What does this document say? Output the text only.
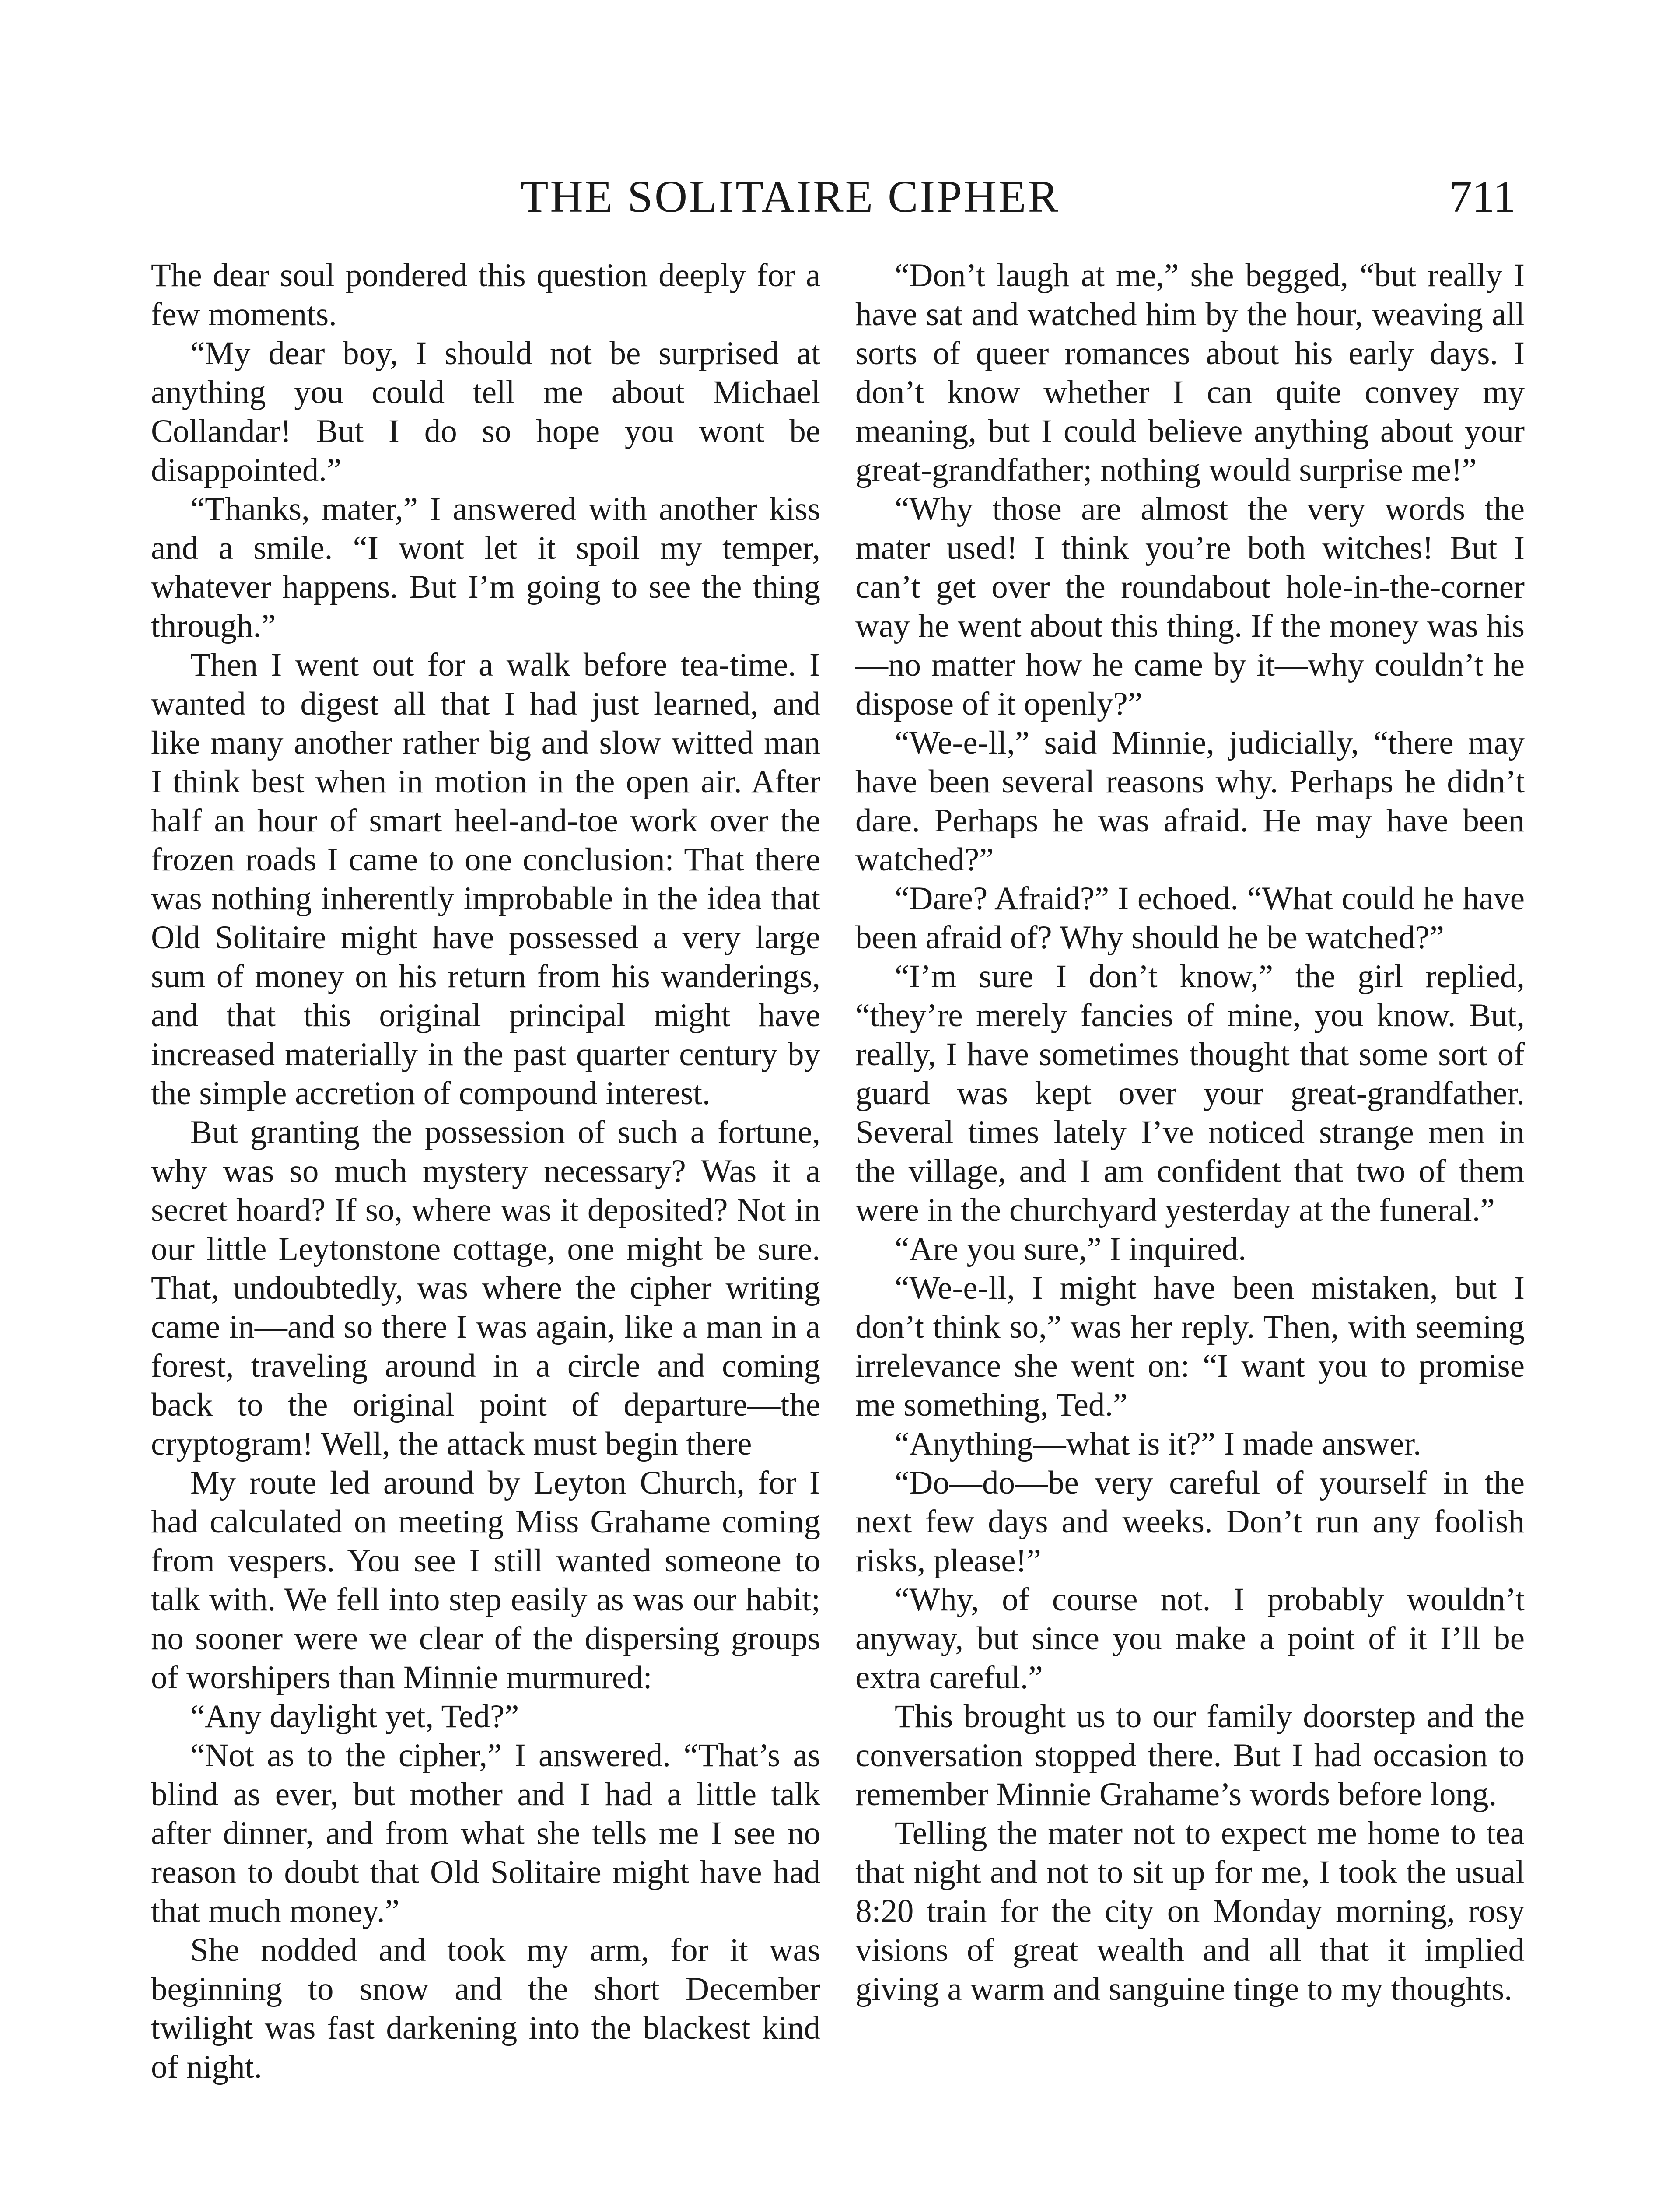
THE SOLITAIRE CIPHER	711

The dear soul pondered this question deeply for a few moments.

“My dear boy, I should not be surprised at anything you could tell me about Michael Collandar! But I do so hope you wont be disappointed.”

“Thanks, mater,” I answered with another kiss and a smile. “I wont let it spoil my temper, whatever happens. But I’m going to see the thing through.”

Then I went out for a walk before tea-time. I wanted to digest all that I had just learned, and like many another rather big and slow witted man I think best when in motion in the open air. After half an hour of smart heel-and-toe work over the frozen roads I came to one conclusion: That there was nothing inherently improbable in the idea that Old Solitaire might have possessed a very large sum of money on his return from his wanderings, and that this original principal might have increased materially in the past quarter century by the simple accretion of compound interest.

But granting the possession of such a fortune, why was so much mystery necessary? Was it a secret hoard? If so, where was it deposited? Not in our little Leytonstone cottage, one might be sure. That, undoubtedly, was where the cipher writing came in—and so there I was again, like a man in a forest, traveling around in a circle and coming back to the original point of departure—the cryptogram! Well, the attack must begin there

My route led around by Leyton Church, for I had calculated on meeting Miss Grahame coming from vespers. You see I still wanted someone to talk with. We fell into step easily as was our habit; no sooner were we clear of the dispersing groups of worshipers than Minnie murmured:

“Any daylight yet, Ted?”

“Not as to the cipher,” I answered. “That’s as blind as ever, but mother and I had a little talk after dinner, and from what she tells me I see no reason to doubt that Old Solitaire might have had that much money.”

She nodded and took my arm, for it was beginning to snow and the short December twilight was fast darkening into the blackest kind of night.

“Don’t laugh at me,” she begged, “but really I have sat and watched him by the hour, weaving all sorts of queer romances about his early days. I don’t know whether I can quite convey my meaning, but I could believe anything about your great-grandfather; nothing would surprise me!”

“Why those are almost the very words the mater used! I think you’re both witches! But I can’t get over the roundabout hole-in-the-corner way he went about this thing. If the money was his—no matter how he came by it—why couldn’t he dispose of it openly?”

“We-e-ll,” said Minnie, judicially, “there may have been several reasons why. Perhaps he didn’t dare. Perhaps he was afraid. He may have been watched?”

“Dare? Afraid?” I echoed. “What could he have been afraid of? Why should he be watched?”

“I’m sure I don’t know,” the girl replied, “they’re merely fancies of mine, you know. But, really, I have sometimes thought that some sort of guard was kept over your great-grandfather. Several times lately I’ve noticed strange men in the village, and I am confident that two of them were in the churchyard yesterday at the funeral.”

“Are you sure,” I inquired.

“We-e-ll, I might have been mistaken, but I don’t think so,” was her reply. Then, with seeming irrelevance she went on: “I want you to promise me something, Ted.”

“Anything—what is it?” I made answer.

“Do—do—be very careful of yourself in the next few days and weeks. Don’t run any foolish risks, please!”

“Why, of course not. I probably wouldn’t anyway, but since you make a point of it I’ll be extra careful.”

This brought us to our family doorstep and the conversation stopped there. But I had occasion to remember Minnie Grahame’s words before long.

Telling the mater not to expect me home to tea that night and not to sit up for me, I took the usual 8:20 train for the city on Monday morning, rosy visions of great wealth and all that it implied giving a warm and sanguine tinge to my thoughts.
